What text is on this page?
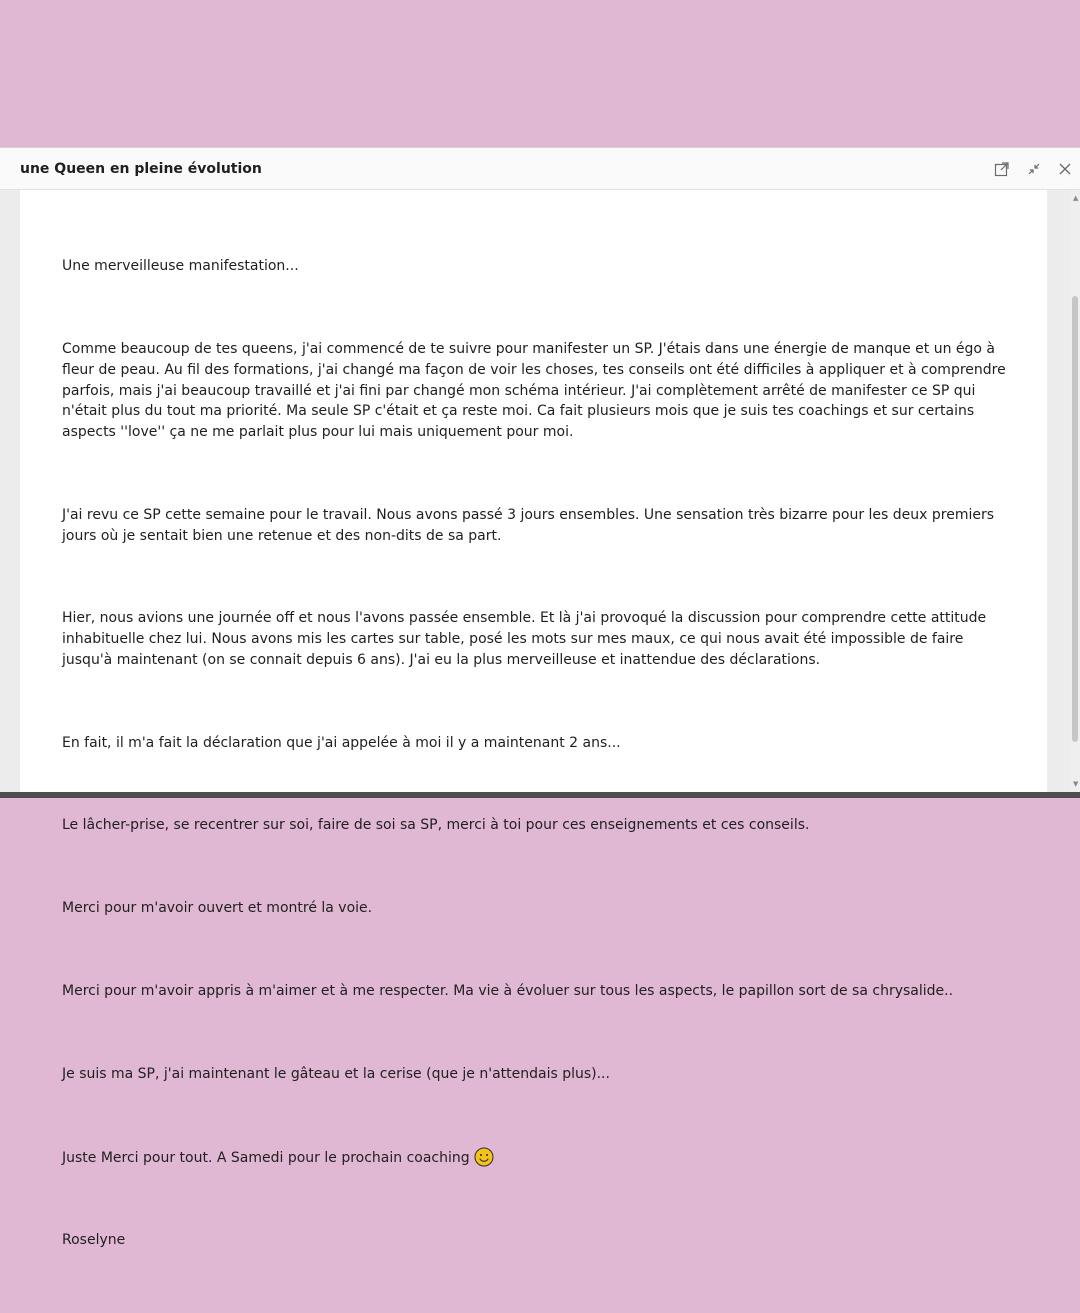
une Queen en pleine évolution

Une merveilleuse manifestation...

Comme beaucoup de tes queens, j'ai commencé de te suivre pour manifester un SP. J'étais dans une énergie de manque et un égo à fleur de peau. Au fil des formations, j'ai changé ma façon de voir les choses, tes conseils ont été difficiles à appliquer et à comprendre parfois, mais j'ai beaucoup travaillé et j'ai fini par changé mon schéma intérieur. J'ai complètement arrêté de manifester ce SP qui n'était plus du tout ma priorité. Ma seule SP c'était et ça reste moi. Ca fait plusieurs mois que je suis tes coachings et sur certains aspects ''love'' ça ne me parlait plus pour lui mais uniquement pour moi.

J'ai revu ce SP cette semaine pour le travail. Nous avons passé 3 jours ensembles. Une sensation très bizarre pour les deux premiers jours où je sentait bien une retenue et des non-dits de sa part.

Hier, nous avions une journée off et nous l'avons passée ensemble. Et là j'ai provoqué la discussion pour comprendre cette attitude inhabituelle chez lui. Nous avons mis les cartes sur table, posé les mots sur mes maux, ce qui nous avait été impossible de faire jusqu'à maintenant (on se connait depuis 6 ans). J'ai eu la plus merveilleuse et inattendue des déclarations.

En fait, il m'a fait la déclaration que j'ai appelée à moi il y a maintenant 2 ans...

Le lâcher-prise, se recentrer sur soi, faire de soi sa SP, merci à toi pour ces enseignements et ces conseils.

Merci pour m'avoir ouvert et montré la voie.

Merci pour m'avoir appris à m'aimer et à me respecter. Ma vie à évoluer sur tous les aspects, le papillon sort de sa chrysalide..

Je suis ma SP, j'ai maintenant le gâteau et la cerise (que je n'attendais plus)...

Juste Merci pour tout. A Samedi pour le prochain coaching

Roselyne

▲
▼
